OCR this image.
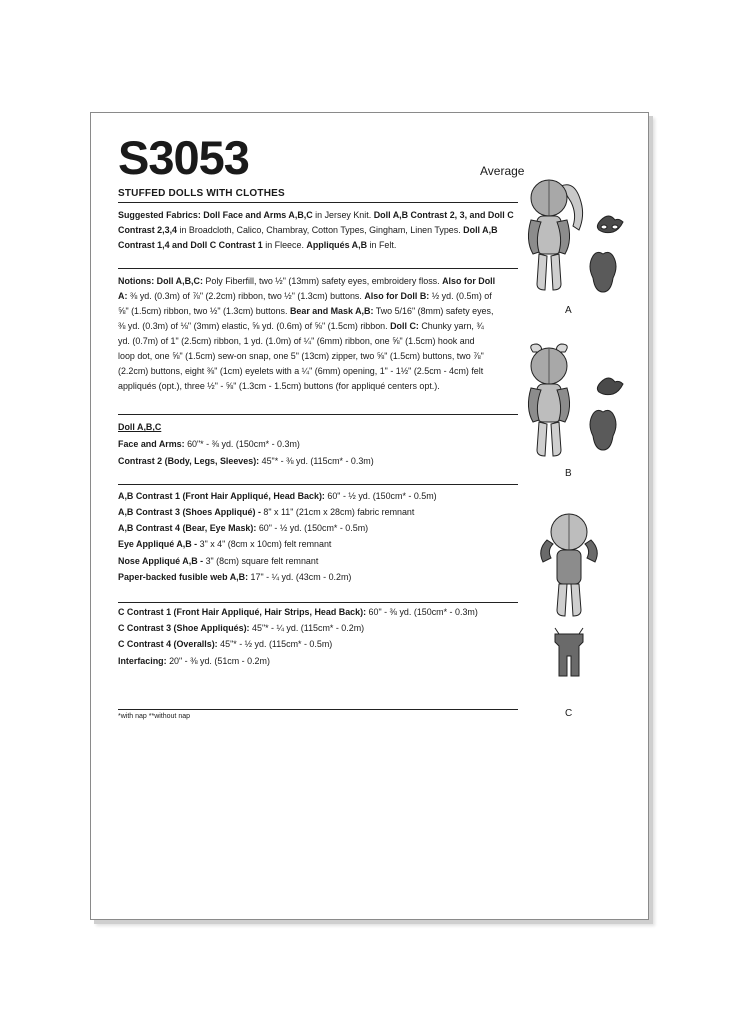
S3053	Average
STUFFED DOLLS WITH CLOTHES
Suggested Fabrics: Doll Face and Arms A,B,C in Jersey Knit. Doll A,B Contrast 2, 3, and Doll C
Contrast 2,3,4 in Broadcloth, Calico, Chambray, Cotton Types, Gingham, Linen Types. Doll A,B
Contrast 1,4 and Doll C Contrast 1 in Fleece. Appliqués A,B in Felt.
Notions: Doll A,B,C: Poly Fiberfill, two ½" (13mm) safety eyes, embroidery floss. Also for Doll
A: ⅜ yd. (0.3m) of ⅞" (2.2cm) ribbon, two ½" (1.3cm) buttons. Also for Doll B: ½ yd. (0.5m) of
⅝" (1.5cm) ribbon, two ½" (1.3cm) buttons. Bear and Mask A,B: Two 5/16" (8mm) safety eyes,
⅜ yd. (0.3m) of ⅛" (3mm) elastic, ⅝ yd. (0.6m) of ⅝" (1.5cm) ribbon. Doll C: Chunky yarn, ¾
yd. (0.7m) of 1" (2.5cm) ribbon, 1 yd. (1.0m) of ¼" (6mm) ribbon, one ⅝" (1.5cm) hook and
loop dot, one ⅝" (1.5cm) sew-on snap, one 5" (13cm) zipper, two ⅝" (1.5cm) buttons, two ⅞"
(2.2cm) buttons, eight ⅜" (1cm) eyelets with a ¼" (6mm) opening, 1" - 1½" (2.5cm - 4cm) felt
appliqués (opt.), three ½" - ⅝" (1.3cm - 1.5cm) buttons (for appliqué centers opt.).
Doll A,B,C
Face and Arms: 60"* - ⅜ yd. (150cm* - 0.3m)
Contrast 2 (Body, Legs, Sleeves): 45"* - ⅜ yd. (115cm* - 0.3m)
A,B Contrast 1 (Front Hair Appliqué, Head Back): 60" - ½ yd. (150cm* - 0.5m)
A,B Contrast 3 (Shoes Appliqué) - 8" x 11" (21cm x 28cm) fabric remnant
A,B Contrast 4 (Bear, Eye Mask): 60" - ½ yd. (150cm* - 0.5m)
Eye Appliqué A,B - 3" x 4" (8cm x 10cm) felt remnant
Nose Appliqué A,B - 3" (8cm) square felt remnant
Paper-backed fusible web A,B: 17" - ¼ yd. (43cm - 0.2m)
C Contrast 1 (Front Hair Appliqué, Hair Strips, Head Back): 60" - ⅜ yd. (150cm* - 0.3m)
C Contrast 3 (Shoe Appliqués): 45"* - ¼ yd. (115cm* - 0.2m)
C Contrast 4 (Overalls): 45"* - ½ yd. (115cm* - 0.5m)
Interfacing: 20" - ⅜ yd. (51cm - 0.2m)
*with nap **without nap
A
B
C
